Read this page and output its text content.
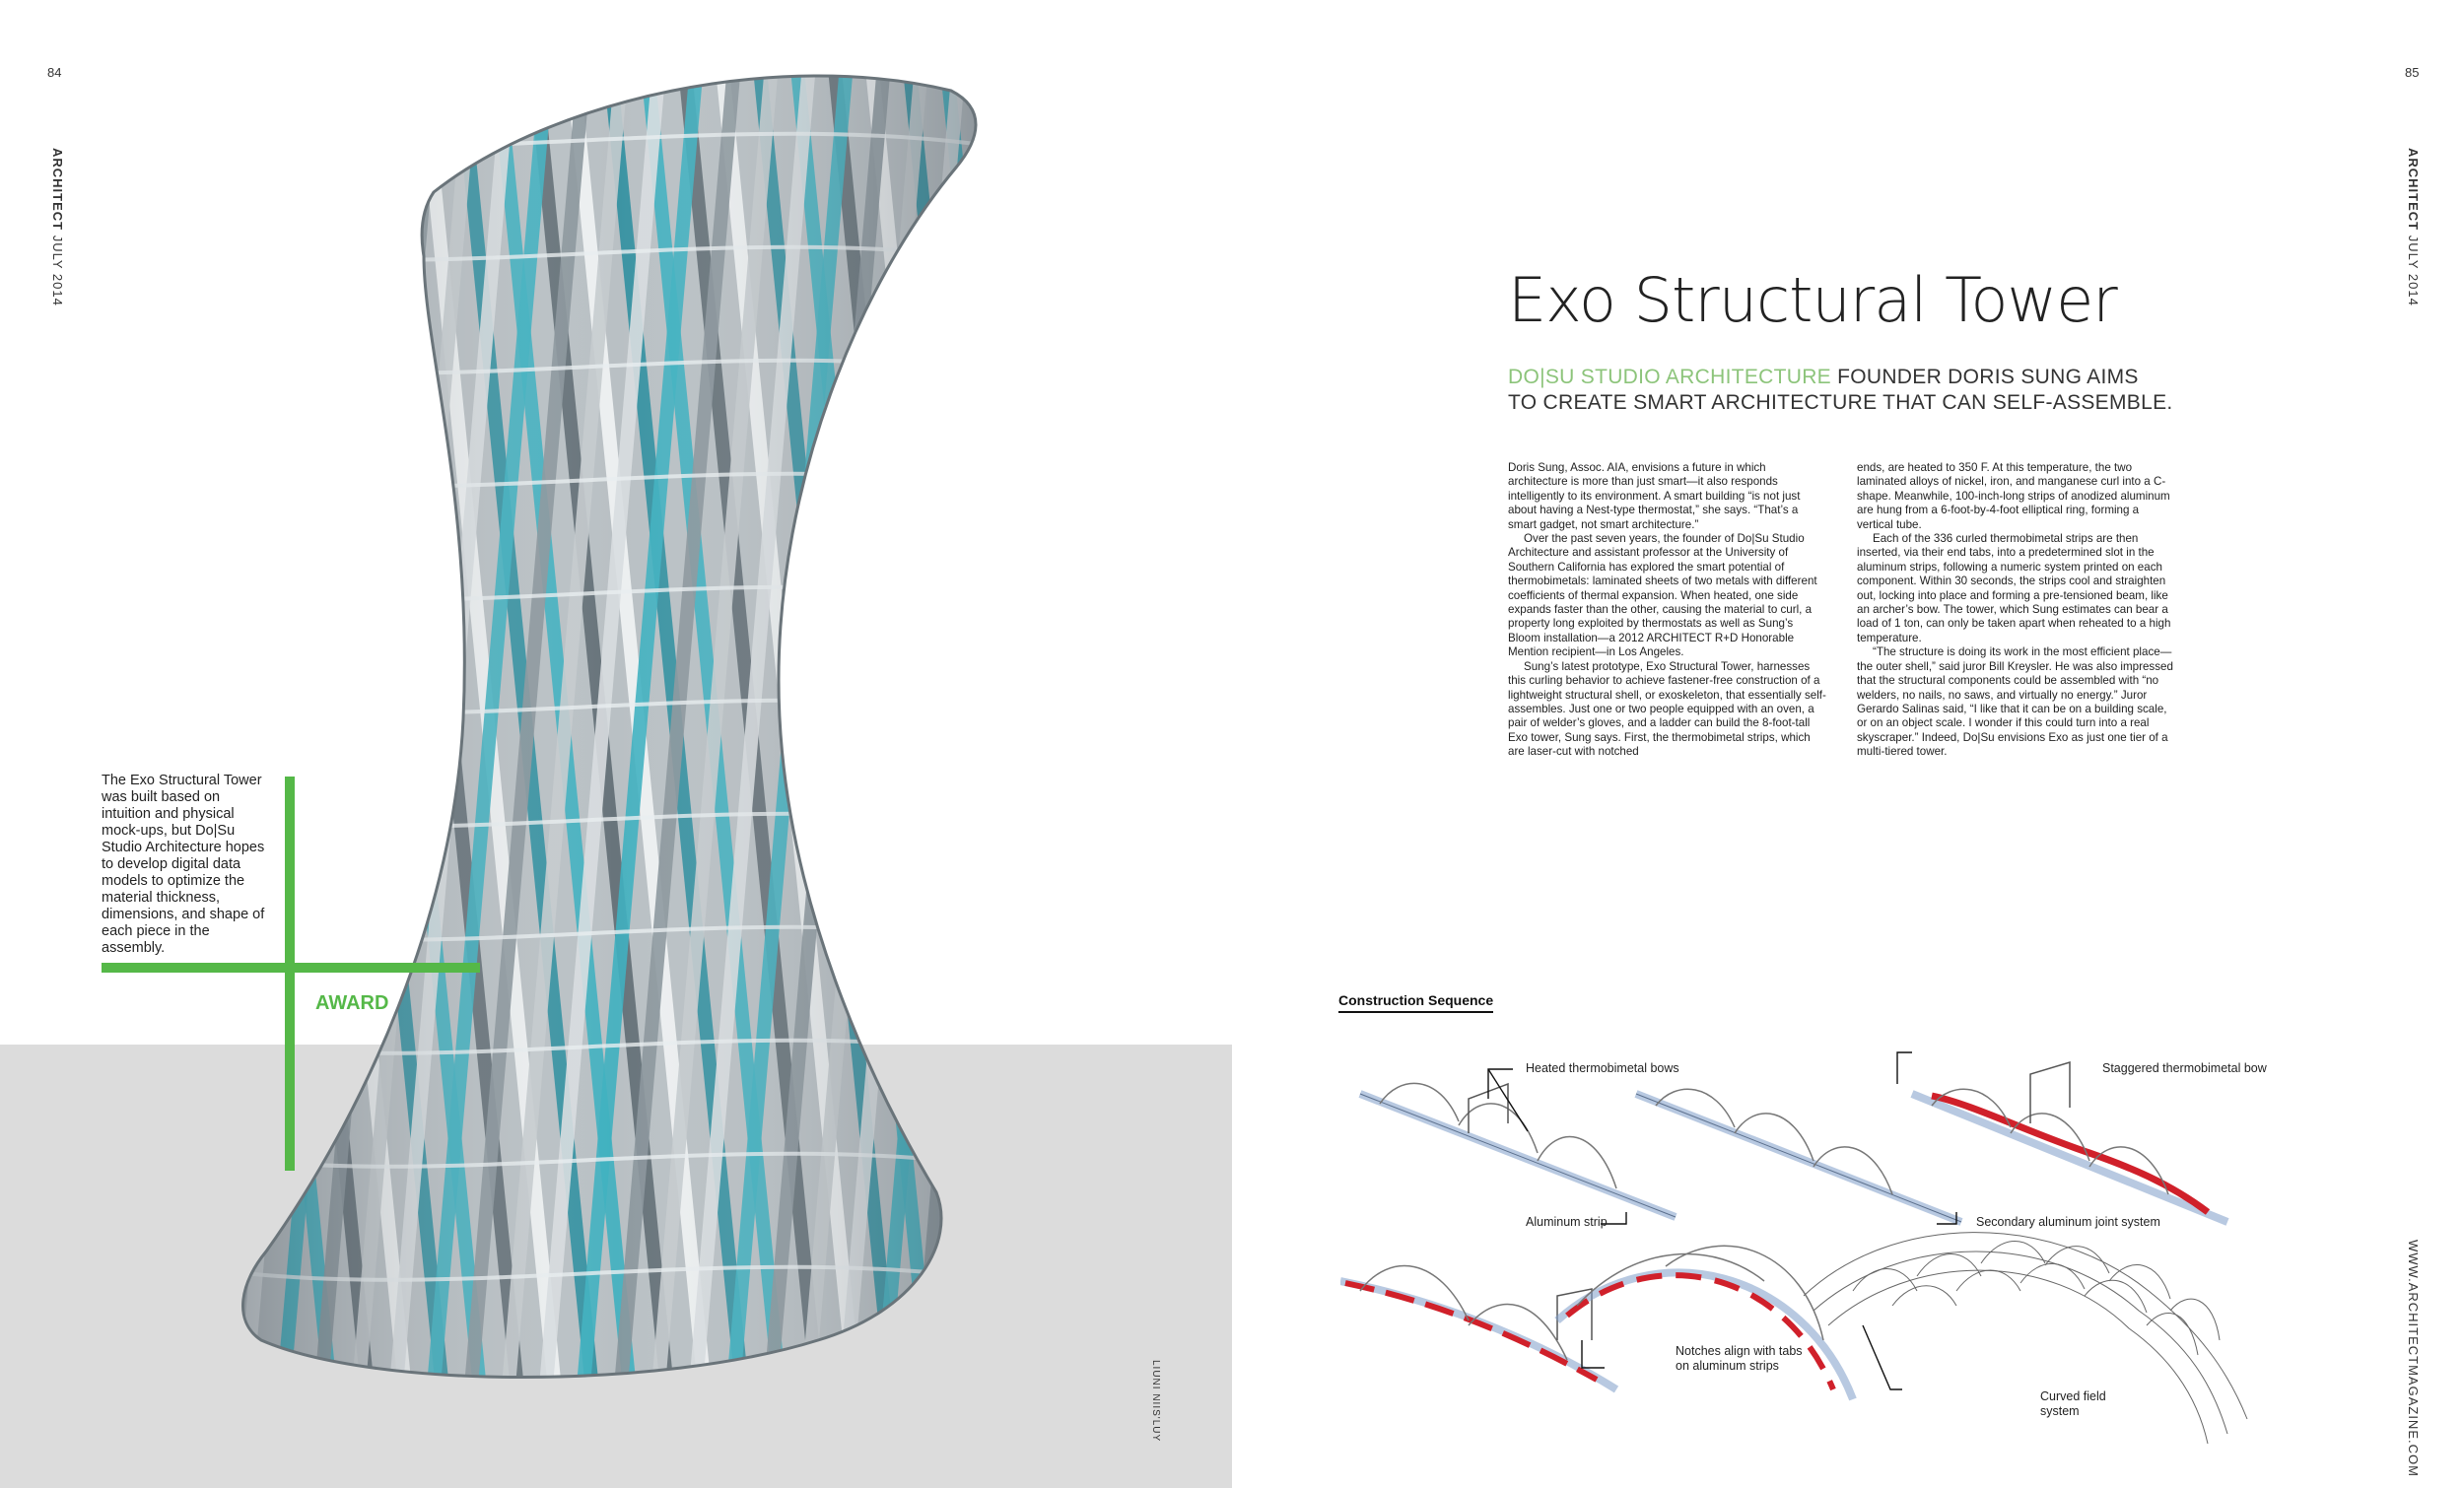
84
ARCHITECT JULY 2014
The Exo Structural Tower was built based on intuition and physical mock-ups, but Do|Su Studio Architecture hopes to develop digital data models to optimize the material thickness, dimensions, and shape of each piece in the assembly.
AWARD
LIUNI NIIS'LUY
85
ARCHITECT JULY 2014
WWW.ARCHITECTMAGAZINE.COM
Exo Structural Tower
DO|SU STUDIO ARCHITECTURE FOUNDER DORIS SUNG AIMS
TO CREATE SMART ARCHITECTURE THAT CAN SELF-ASSEMBLE.

Doris Sung, Assoc. AIA, envisions a future in which architecture is more than just smart—it also responds intelligently to its environment. A smart building “is not just about having a Nest-type thermostat,” she says. “That’s a smart gadget, not smart architecture.”

Over the past seven years, the founder of Do|Su Studio Architecture and assistant professor at the University of Southern California has explored the smart potential of thermobimetals: laminated sheets of two metals with different coefficients of thermal expansion. When heated, one side expands faster than the other, causing the material to curl, a property long exploited by thermostats as well as Sung’s Bloom installation—a 2012 ARCHITECT R+D Honorable Mention recipient—in Los Angeles.

Sung’s latest prototype, Exo Structural Tower, harnesses this curling behavior to achieve fastener-free construction of a lightweight structural shell, or exoskeleton, that essentially self-assembles. Just one or two people equipped with an oven, a pair of welder’s gloves, and a ladder can build the 8-foot-tall Exo tower, Sung says. First, the thermobimetal strips, which are laser-cut with notched

ends, are heated to 350 F. At this temperature, the two laminated alloys of nickel, iron, and manganese curl into a C-shape. Meanwhile, 100-inch-long strips of anodized aluminum are hung from a 6-foot-by-4-foot elliptical ring, forming a vertical tube.

Each of the 336 curled thermobimetal strips are then inserted, via their end tabs, into a predetermined slot in the aluminum strips, following a numeric system printed on each component. Within 30 seconds, the strips cool and straighten out, locking into place and forming a pre-tensioned beam, like an archer’s bow. The tower, which Sung estimates can bear a load of 1 ton, can only be taken apart when reheated to a high temperature.

“The structure is doing its work in the most efficient place—the outer shell,” said juror Bill Kreysler. He was also impressed that the structural components could be assembled with “no welders, no nails, no saws, and virtually no energy.” Juror Gerardo Salinas said, “I like that it can be on a building scale, or on an object scale. I wonder if this could turn into a real skyscraper.” Indeed, Do|Su envisions Exo as just one tier of a multi-tiered tower.

Construction Sequence
Heated thermobimetal bows
Aluminum strip
Staggered thermobimetal bow
Secondary aluminum joint system
Notches align with tabs
on aluminum strips
Curved field
system
